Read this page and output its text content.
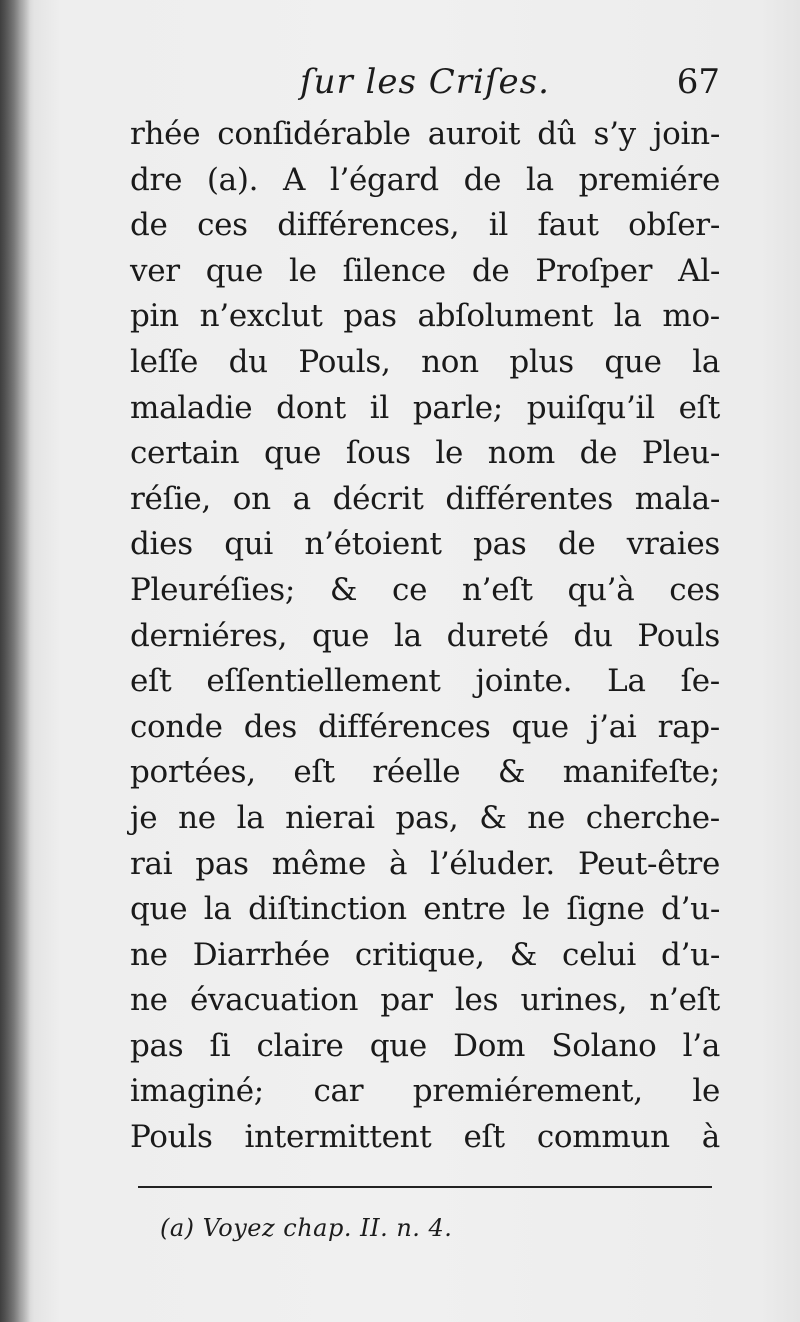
ſur les Criſes.	67
rhée conſidérable auroit dû s’y join-
dre (a). A l’égard de la premiére
de ces différences, il faut obſer-
ver que le ſilence de Proſper Al-
pin n’exclut pas abſolument la mo-
leſſe du Pouls, non plus que la
maladie dont il parle; puiſqu’il eſt
certain que ſous le nom de Pleu-
réſie, on a décrit différentes mala-
dies qui n’étoient pas de vraies
Pleuréſies; & ce n’eſt qu’à ces
derniéres, que la dureté du Pouls
eſt eſſentiellement jointe. La ſe-
conde des différences que j’ai rap-
portées, eſt réelle & manifeſte;
je ne la nierai pas, & ne cherche-
rai pas même à l’éluder. Peut-être
que la diſtinction entre le ſigne d’u-
ne Diarrhée critique, & celui d’u-
ne évacuation par les urines, n’eſt
pas ſi claire que Dom Solano l’a
imaginé; car premiérement, le
Pouls intermittent eſt commun à
(a) Voyez chap. II. n. 4.
